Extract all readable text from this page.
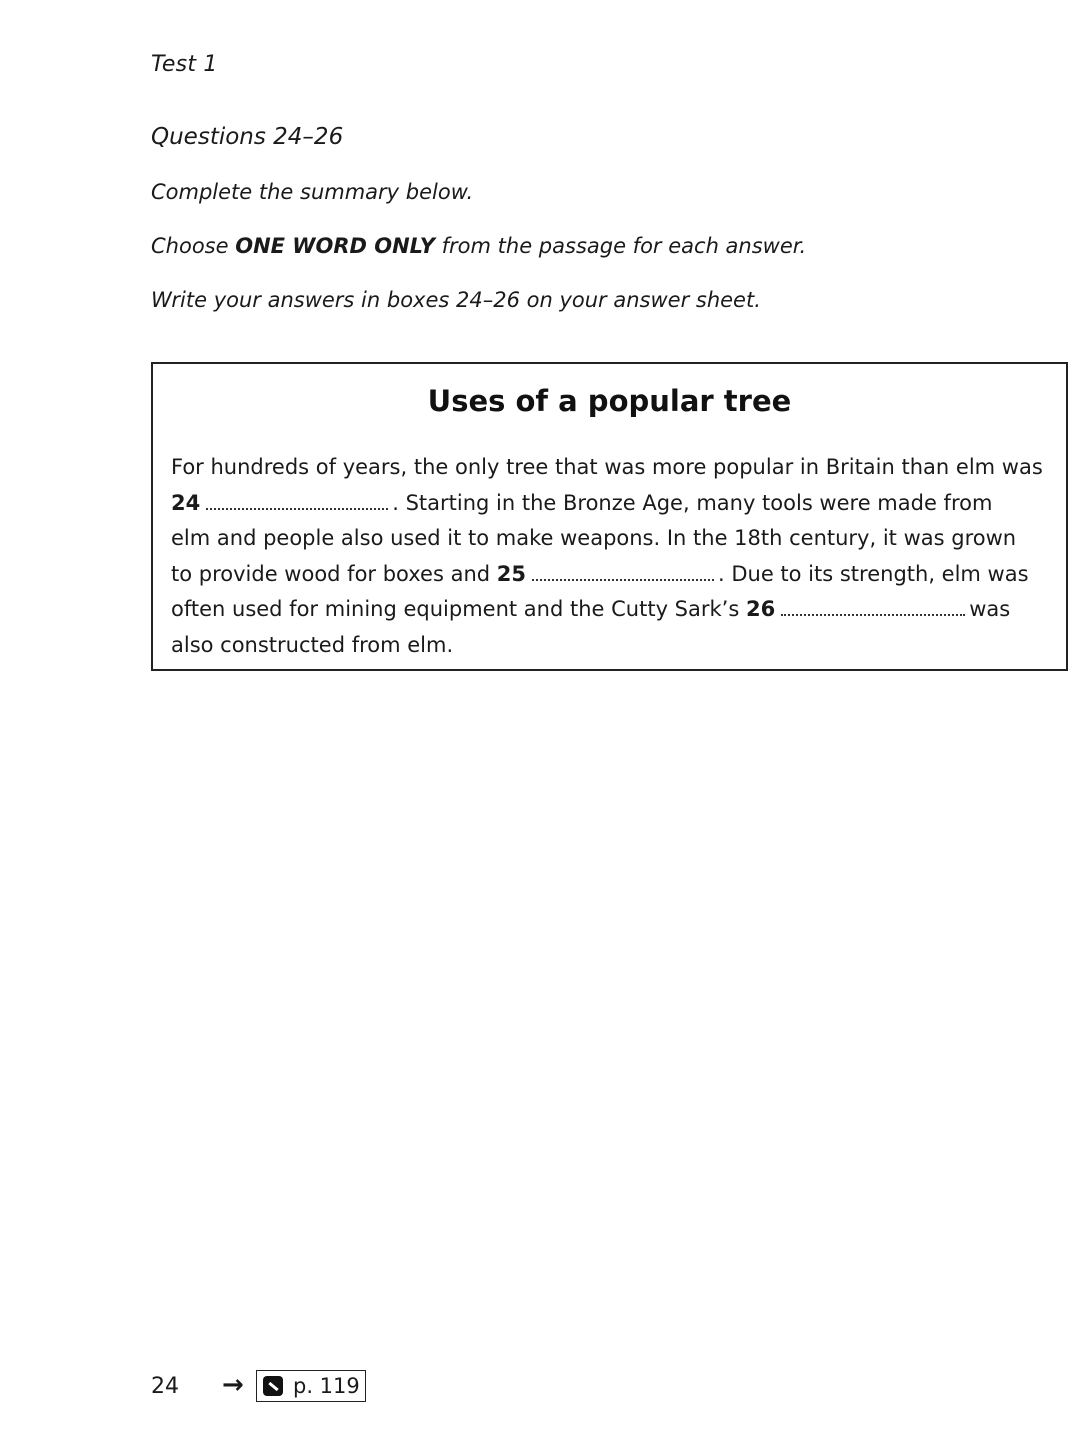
Test 1
Questions 24–26
Complete the summary below.
Choose ONE WORD ONLY from the passage for each answer.
Write your answers in boxes 24–26 on your answer sheet.
Uses of a popular tree
For hundreds of years, the only tree that was more popular in Britain than elm was
24	. Starting in the Bronze Age, many tools were made from
elm and people also used it to make weapons. In the 18th century, it was grown
to provide wood for boxes and 25	. Due to its strength, elm was
often used for mining equipment and the Cutty Sark’s 26	was
also constructed from elm.
24 → p. 119
